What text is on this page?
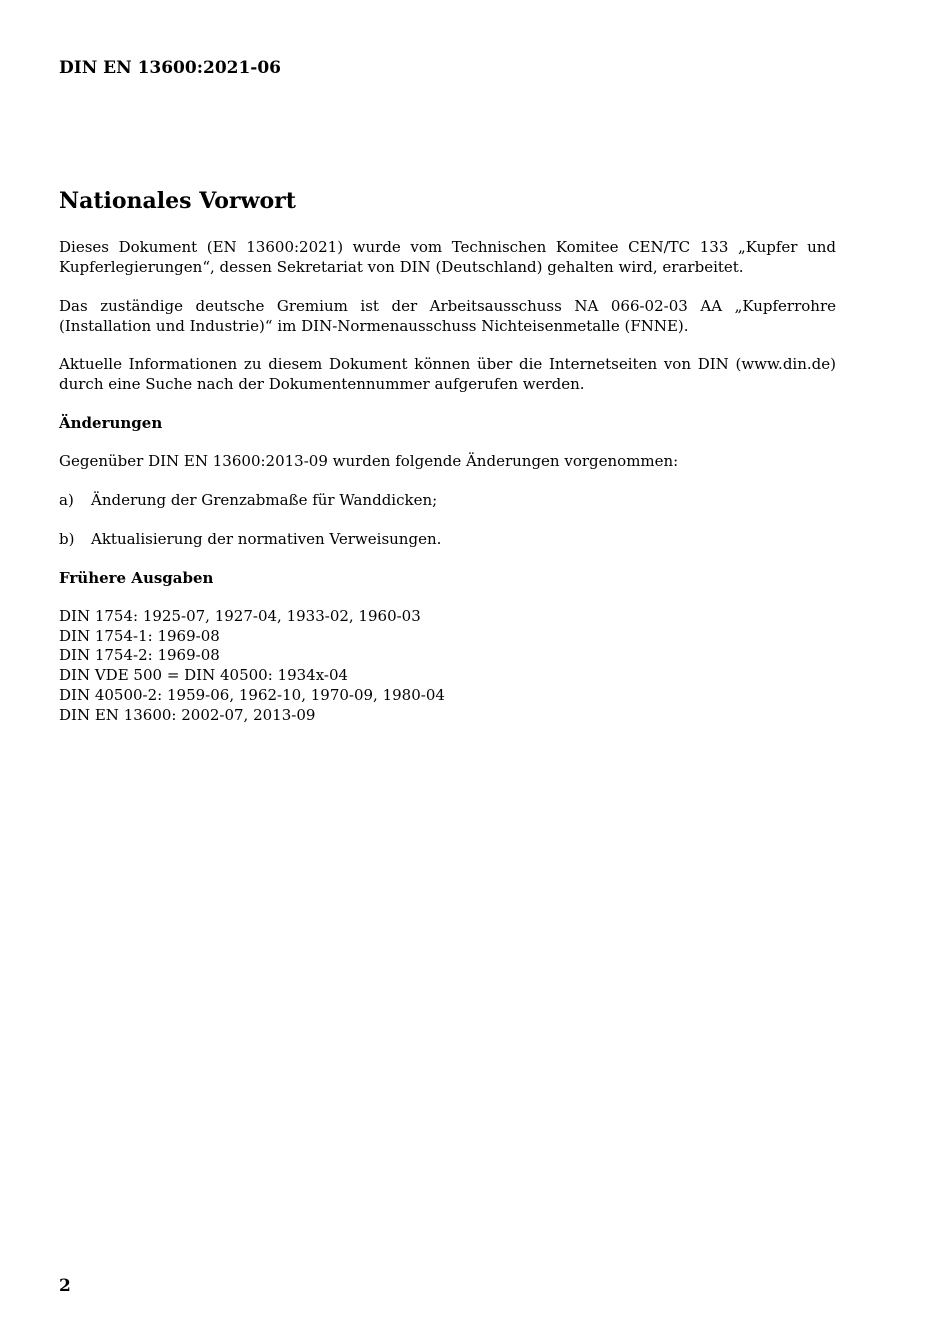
DIN EN 13600:2021-06
Nationales Vorwort

Dieses Dokument (EN 13600:2021) wurde vom Technischen Komitee CEN/TC 133 „Kupfer und Kupferlegierungen“, dessen Sekretariat von DIN (Deutschland) gehalten wird, erarbeitet.

Das zuständige deutsche Gremium ist der Arbeitsausschuss NA 066-02-03 AA „Kupferrohre (Installation und Industrie)“ im DIN-Normenausschuss Nichteisenmetalle (FNNE).

Aktuelle Informationen zu diesem Dokument können über die Internetseiten von DIN (www.din.de) durch eine Suche nach der Dokumentennummer aufgerufen werden.

Änderungen

Gegenüber DIN EN 13600:2013-09 wurden folgende Änderungen vorgenommen:

a) Änderung der Grenzabmaße für Wanddicken;
b) Aktualisierung der normativen Verweisungen.
Frühere Ausgaben
DIN 1754: 1925-07, 1927-04, 1933-02, 1960-03
DIN 1754-1: 1969-08
DIN 1754-2: 1969-08
DIN VDE 500 = DIN 40500: 1934x-04
DIN 40500-2: 1959-06, 1962-10, 1970-09, 1980-04
DIN EN 13600: 2002-07, 2013-09
2
